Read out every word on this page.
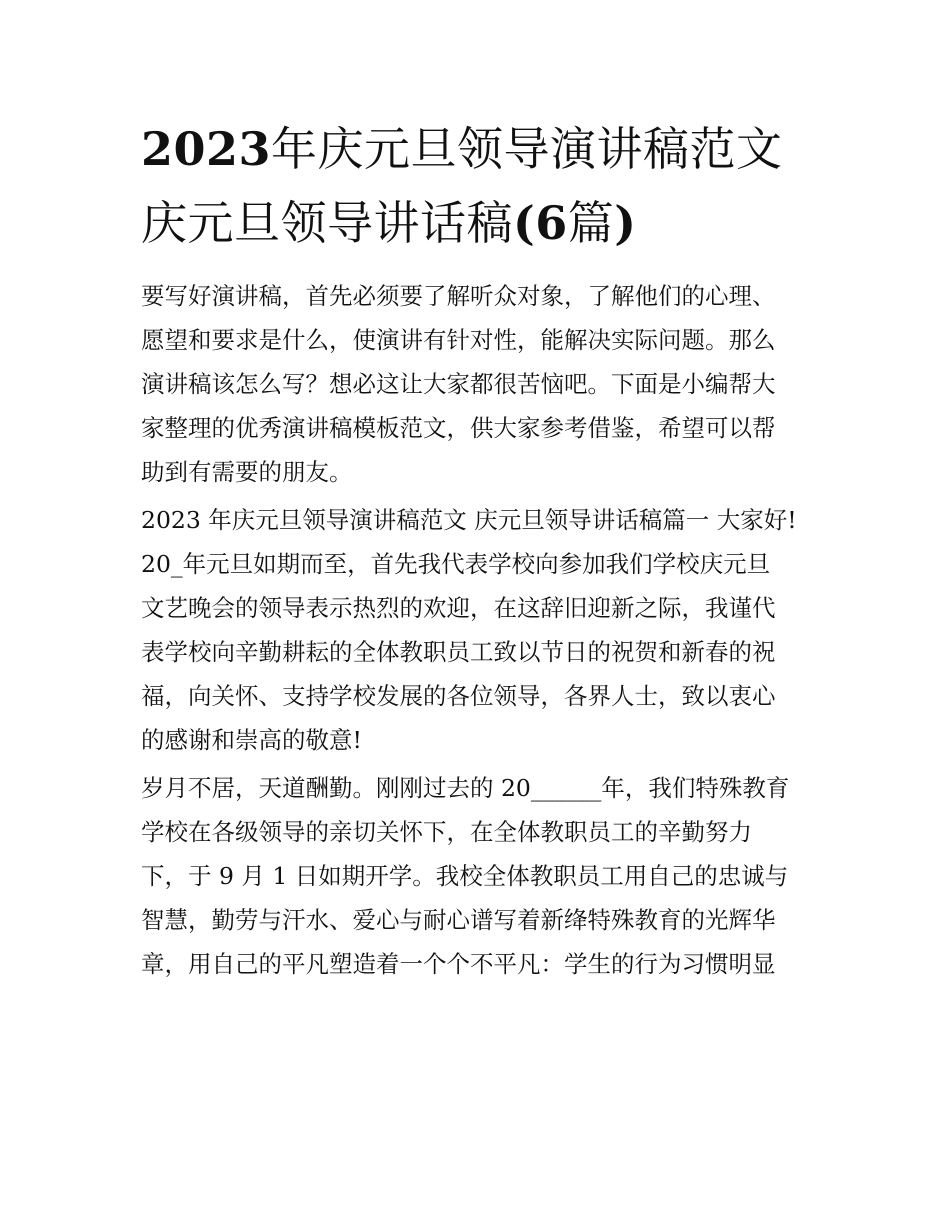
2023年庆元旦领导演讲稿范文
庆元旦领导讲话稿(6篇)

要写好演讲稿，首先必须要了解听众对象，了解他们的心理、
愿望和要求是什么，使演讲有针对性，能解决实际问题。那么
演讲稿该怎么写？想必这让大家都很苦恼吧。下面是小编帮大
家整理的优秀演讲稿模板范文，供大家参考借鉴，希望可以帮
助到有需要的朋友。

2023 年庆元旦领导演讲稿范文 庆元旦领导讲话稿篇一 大家好!
20_年元旦如期而至，首先我代表学校向参加我们学校庆元旦
文艺晚会的领导表示热烈的欢迎，在这辞旧迎新之际，我谨代
表学校向辛勤耕耘的全体教职员工致以节日的祝贺和新春的祝
福，向关怀、支持学校发展的各位领导，各界人士，致以衷心
的感谢和崇高的敬意!

岁月不居，天道酬勤。刚刚过去的 20______年，我们特殊教育
学校在各级领导的亲切关怀下，在全体教职员工的辛勤努力
下，于 9 月 1 日如期开学。我校全体教职员工用自己的忠诚与
智慧，勤劳与汗水、爱心与耐心谱写着新绛特殊教育的光辉华
章，用自己的平凡塑造着一个个不平凡：学生的行为习惯明显
